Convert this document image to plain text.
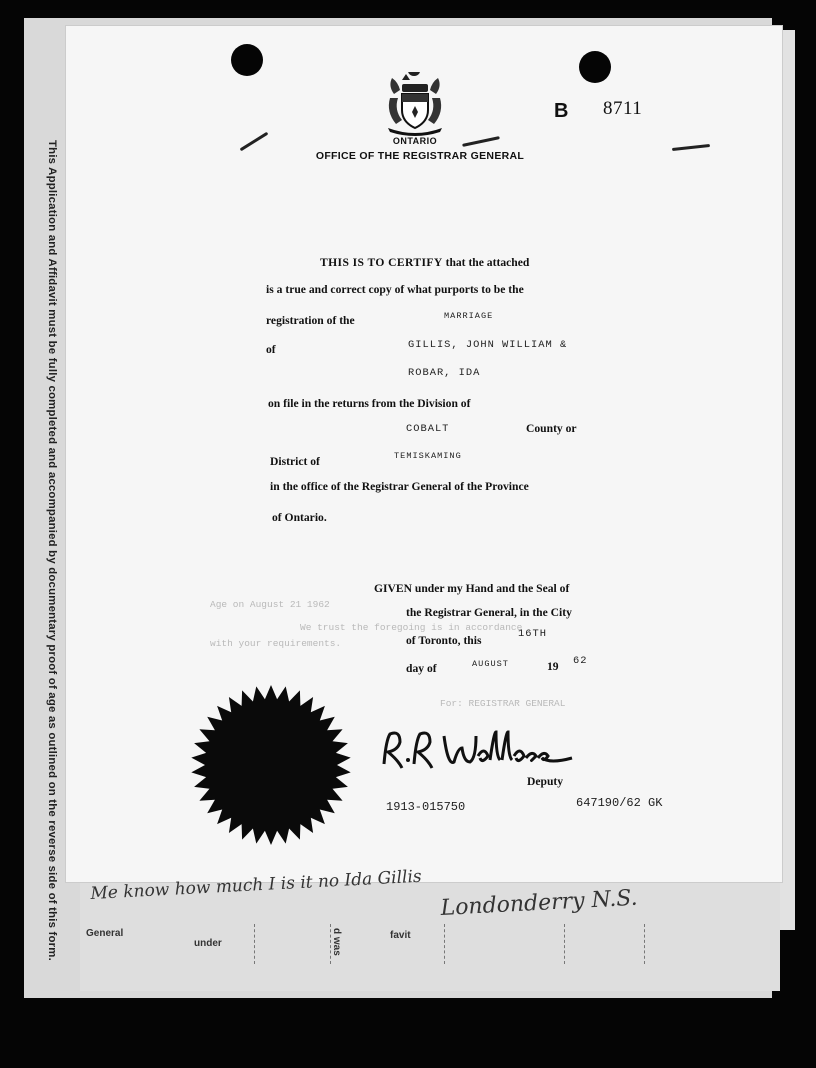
This Application and Affidavit must be fully completed and accompanied by documentary proof of age as outlined on the reverse side of this form.	General
under	d was	favit
Age on August 21 1962
We trust the foregoing is in accordance
with your requirements.
For: REGISTRAR GENERAL
ONTARIO
OFFICE OF THE REGISTRAR GENERAL
B 8711
THIS IS TO CERTIFY that the attached
is a true and correct copy of what purports to be the
registration of the	MARRIAGE
of	GILLIS, JOHN WILLIAM &
ROBAR, IDA
on file in the returns from the Division of
COBALT	County or
District of	TEMISKAMING
in the office of the Registrar General of the Province
of Ontario.
GIVEN under my Hand and the Seal of
the Registrar General, in the City
of Toronto, this	16TH
day of	AUGUST	19 62
Deputy
1913-015750	647190/62 GK
Me know how much I is it no Ida Gillis Londonderry N.S.
